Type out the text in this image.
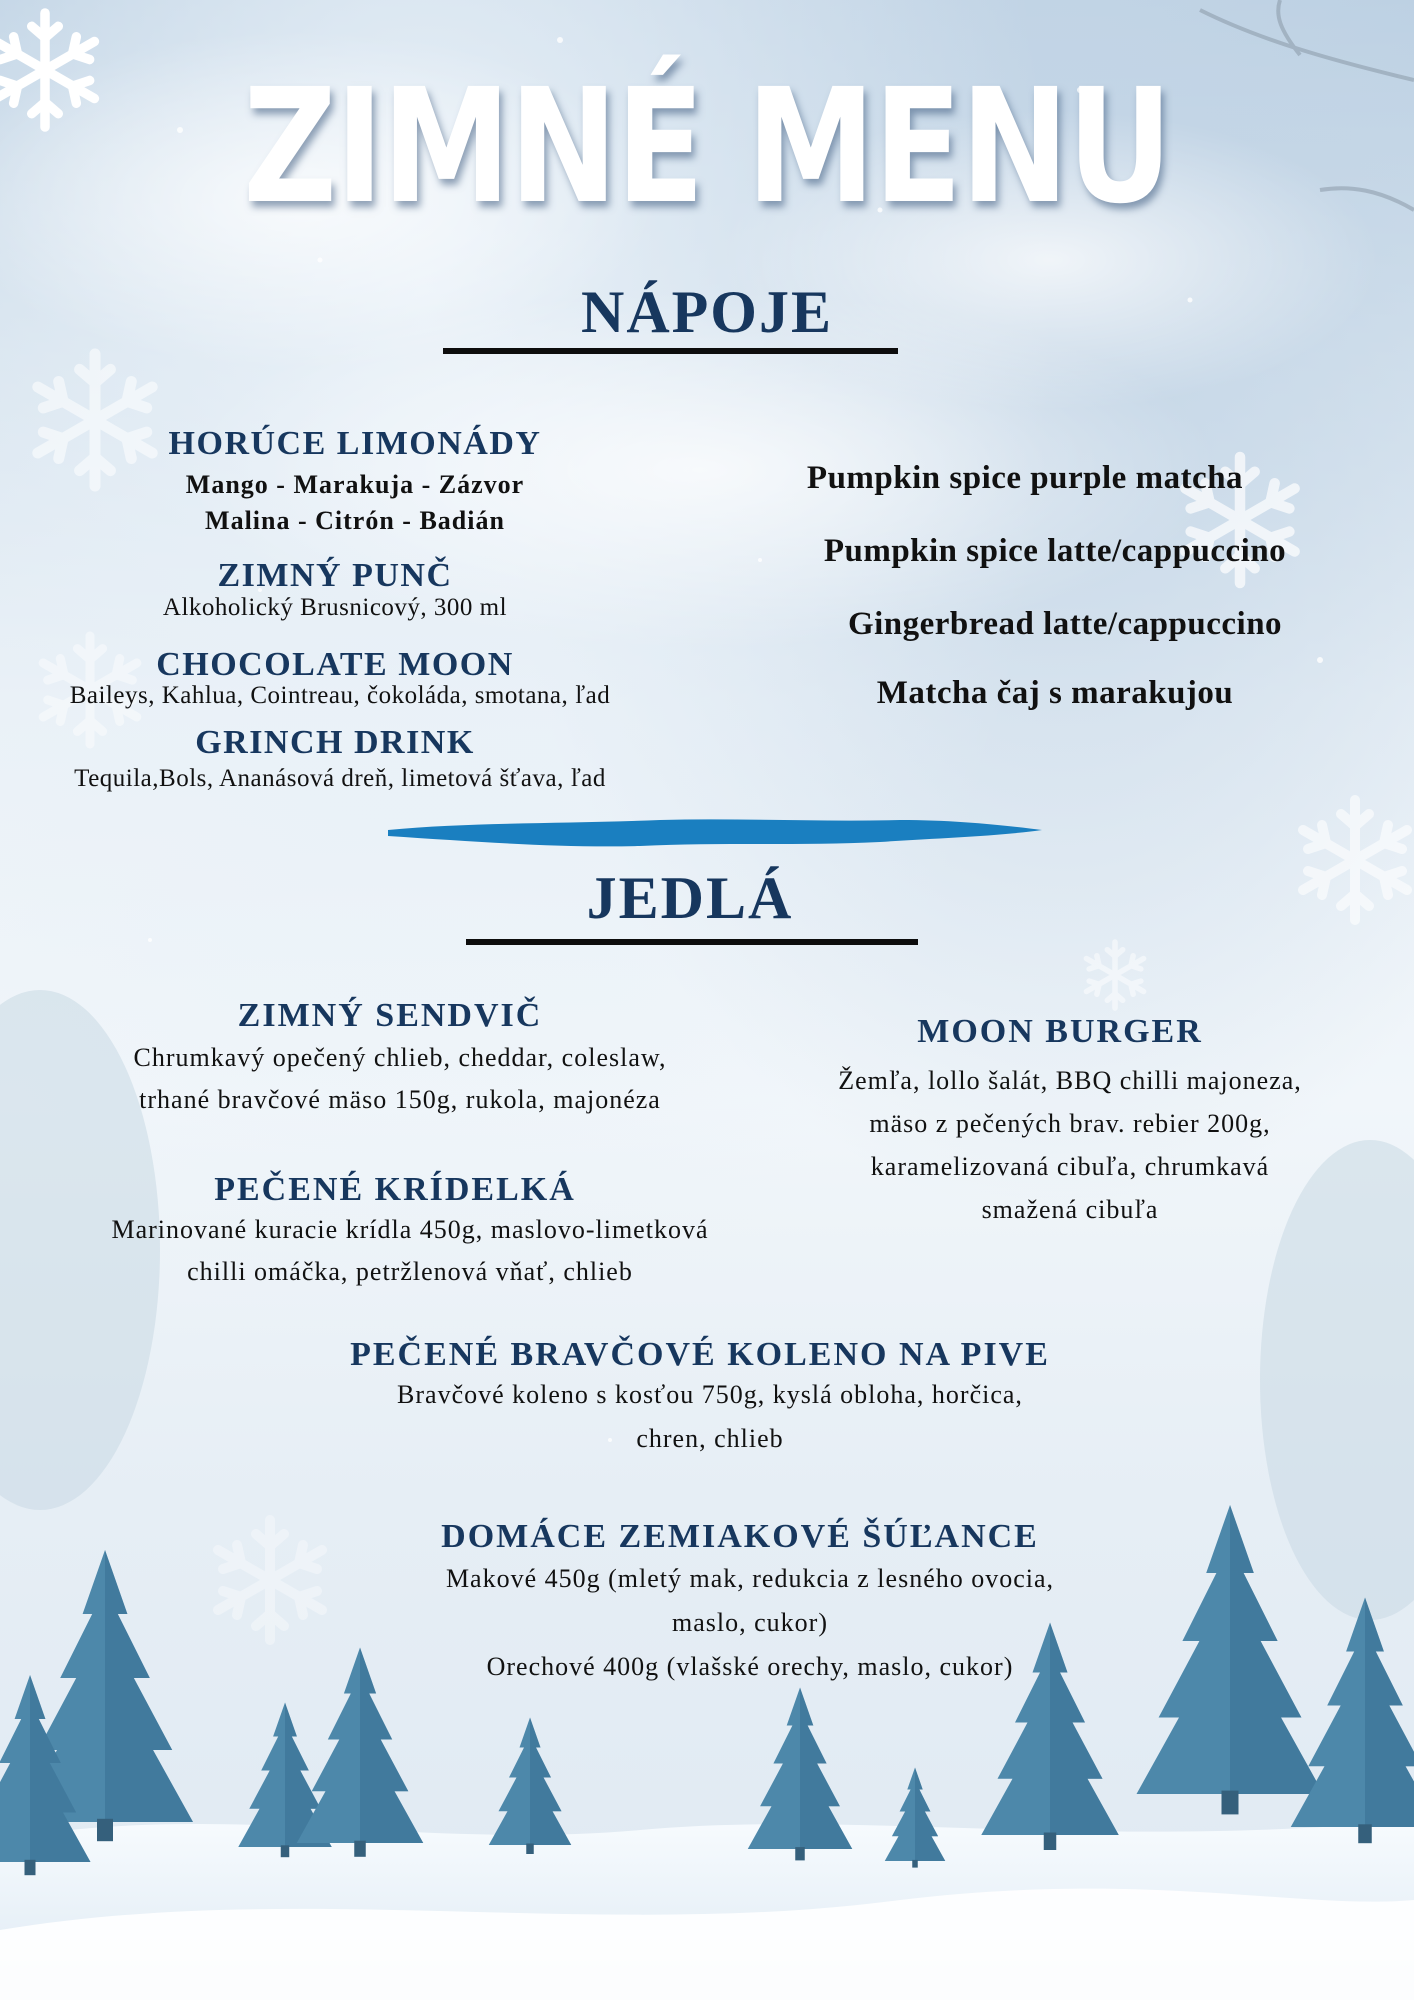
ZIMNÉ MENU
NÁPOJE
HORÚCE LIMONÁDY
Mango - Marakuja - Zázvor
Malina - Citrón - Badián
ZIMNÝ PUNČ
Alkoholický Brusnicový, 300 ml
CHOCOLATE MOON
Baileys, Kahlua, Cointreau, čokoláda, smotana, ľad
GRINCH DRINK
Tequila,Bols, Ananásová dreň, limetová šťava, ľad
Pumpkin spice purple matcha
Pumpkin spice latte/cappuccino
Gingerbread latte/cappuccino
Matcha čaj s marakujou
JEDLÁ
ZIMNÝ SENDVIČ
Chrumkavý opečený chlieb, cheddar, coleslaw,
trhané bravčové mäso 150g, rukola, majonéza
MOON BURGER
Žemľa, lollo šalát, BBQ chilli majoneza,
mäso z pečených brav. rebier 200g,
karamelizovaná cibuľa, chrumkavá
smažená cibuľa
PEČENÉ KRÍDELKÁ
Marinované kuracie krídla 450g, maslovo-limetková
chilli omáčka, petržlenová vňať, chlieb
PEČENÉ BRAVČOVÉ KOLENO NA PIVE
Bravčové koleno s kosťou 750g, kyslá obloha, horčica,
chren, chlieb
DOMÁCE ZEMIAKOVÉ ŠÚĽANCE
Makové 450g (mletý mak, redukcia z lesného ovocia,
maslo, cukor)
Orechové 400g (vlašské orechy, maslo, cukor)
